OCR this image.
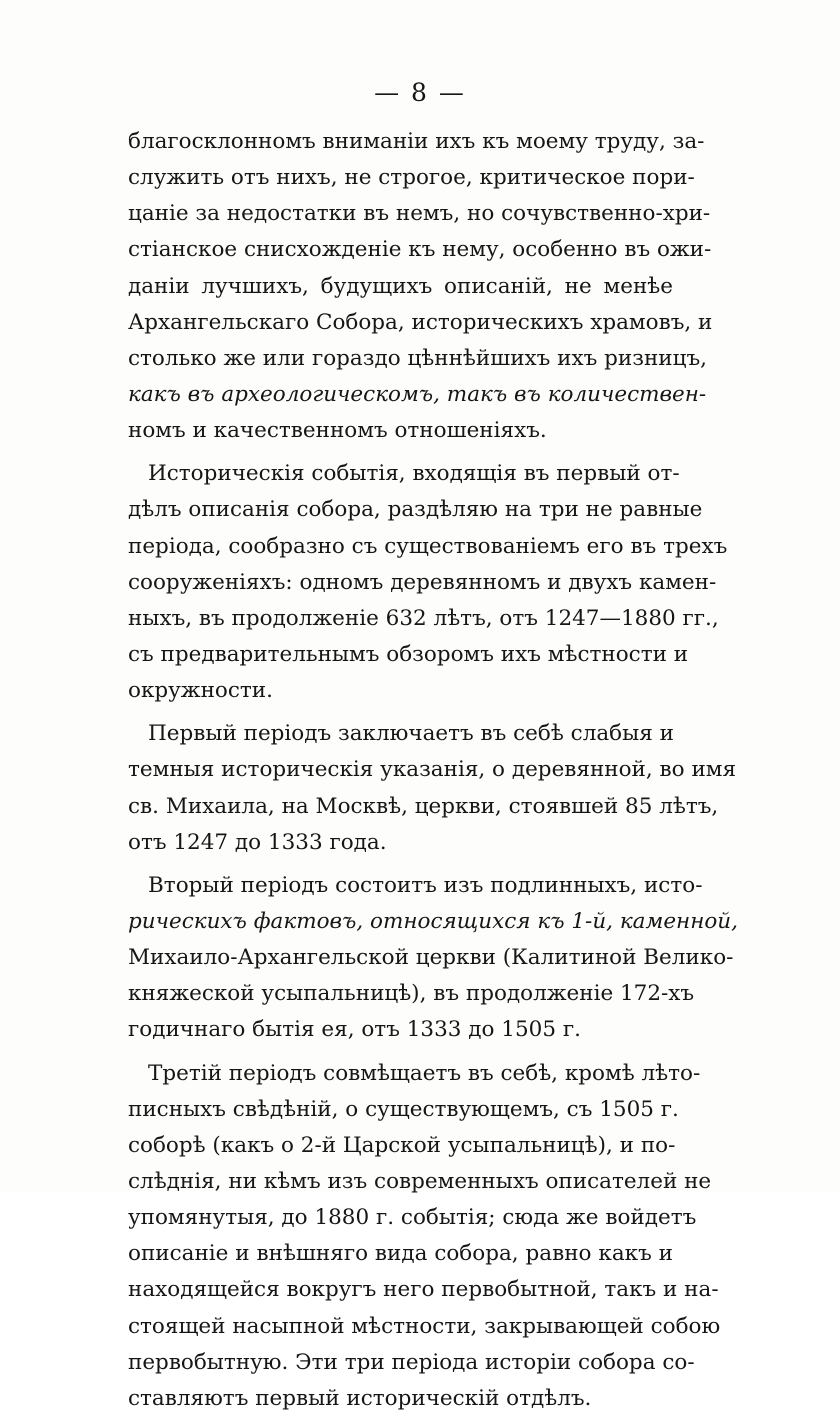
— 8 —
благосклонномъ вниманіи ихъ къ моему труду, за-
служить отъ нихъ, не строгое, критическое пори-
цаніе за недостатки въ немъ, но сочувственно-хри-
стіанское снисхожденіе къ нему, особенно въ ожи-
даніи лучшихъ, будущихъ описаній, не менѣе
Архангельскаго Собора, историческихъ храмовъ, и
столько же или гораздо цѣннѣйшихъ ихъ ризницъ,
какъ въ археологическомъ, такъ въ количествен-
номъ и качественномъ отношеніяхъ.
Историческія событія, входящія въ первый от-
дѣлъ описанія собора, раздѣляю на три не равные
періода, сообразно съ существованіемъ его въ трехъ
сооруженіяхъ: одномъ деревянномъ и двухъ камен-
ныхъ, въ продолженіе 632 лѣтъ, отъ 1247—1880 гг.,
съ предварительнымъ обзоромъ ихъ мѣстности и
окружности.
Первый періодъ заключаетъ въ себѣ слабыя и
темныя историческія указанія, о деревянной, во имя
св. Михаила, на Москвѣ, церкви, стоявшей 85 лѣтъ,
отъ 1247 до 1333 года.
Вторый періодъ состоитъ изъ подлинныхъ, исто-
рическихъ фактовъ, относящихся къ 1-й, каменной,
Михаило-Архангельской церкви (Калитиной Велико-
княжеской усыпальницѣ), въ продолженіе 172-хъ
годичнаго бытія ея, отъ 1333 до 1505 г.
Третій періодъ совмѣщаетъ въ себѣ, кромѣ лѣто-
писныхъ свѣдѣній, о существующемъ, съ 1505 г.
соборѣ (какъ о 2-й Царской усыпальницѣ), и по-
слѣднія, ни кѣмъ изъ современныхъ описателей не
упомянутыя, до 1880 г. событія; сюда же войдетъ
описаніе и внѣшняго вида собора, равно какъ и
находящейся вокругъ него первобытной, такъ и на-
стоящей насыпной мѣстности, закрывающей собою
первобытную. Эти три періода исторіи собора со-
ставляютъ первый историческій отдѣлъ.
